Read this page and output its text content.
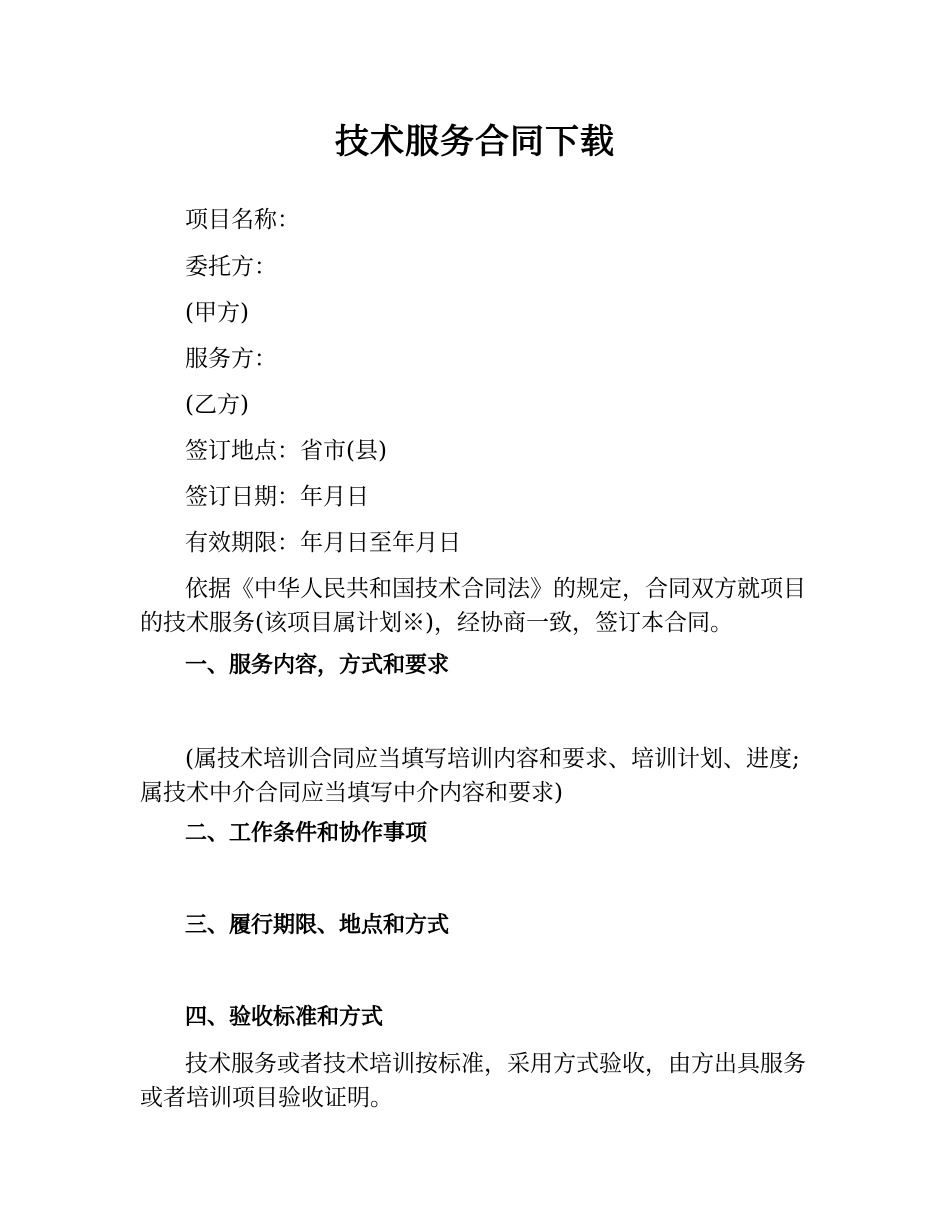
技术服务合同下载
项目名称：
委托方：
(甲方)
服务方：
(乙方)
签订地点：省市(县)
签订日期：年月日
有效期限：年月日至年月日
依据《中华人民共和国技术合同法》的规定，合同双方就项目的技术服务(该项目属计划※)，经协商一致，签订本合同。
一、服务内容，方式和要求
(属技术培训合同应当填写培训内容和要求、培训计划、进度;属技术中介合同应当填写中介内容和要求)
二、工作条件和协作事项
三、履行期限、地点和方式
四、验收标准和方式
技术服务或者技术培训按标准，采用方式验收，由方出具服务或者培训项目验收证明。
